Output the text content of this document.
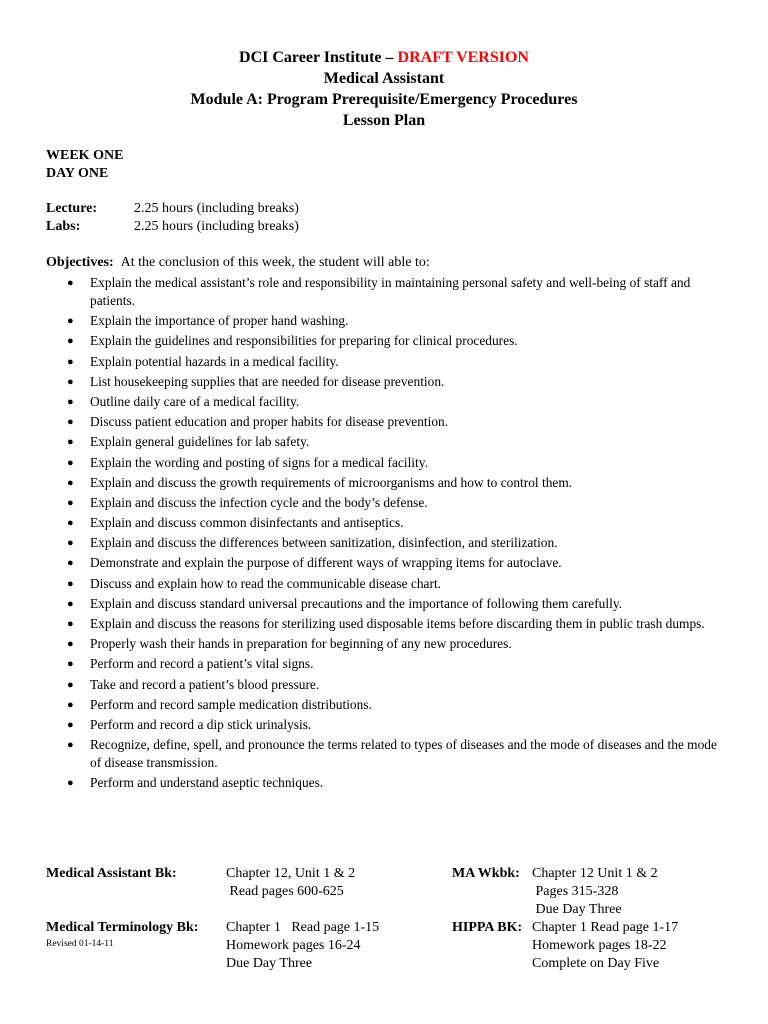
DCI Career Institute – DRAFT VERSION
Medical Assistant
Module A: Program Prerequisite/Emergency Procedures
Lesson Plan
WEEK ONE
DAY ONE
Lecture:	2.25 hours (including breaks)
Labs:	2.25 hours (including breaks)
Objectives: At the conclusion of this week, the student will able to:
● Explain the medical assistant’s role and responsibility in maintaining personal safety and well-being of staff and patients.
● Explain the importance of proper hand washing.
● Explain the guidelines and responsibilities for preparing for clinical procedures.
● Explain potential hazards in a medical facility.
● List housekeeping supplies that are needed for disease prevention.
● Outline daily care of a medical facility.
● Discuss patient education and proper habits for disease prevention.
● Explain general guidelines for lab safety.
● Explain the wording and posting of signs for a medical facility.
● Explain and discuss the growth requirements of microorganisms and how to control them.
● Explain and discuss the infection cycle and the body’s defense.
● Explain and discuss common disinfectants and antiseptics.
● Explain and discuss the differences between sanitization, disinfection, and sterilization.
● Demonstrate and explain the purpose of different ways of wrapping items for autoclave.
● Discuss and explain how to read the communicable disease chart.
● Explain and discuss standard universal precautions and the importance of following them carefully.
● Explain and discuss the reasons for sterilizing used disposable items before discarding them in public trash dumps.
● Properly wash their hands in preparation for beginning of any new procedures.
● Perform and record a patient’s vital signs.
● Take and record a patient’s blood pressure.
● Perform and record sample medication distributions.
● Perform and record a dip stick urinalysis.
● Recognize, define, spell, and pronounce the terms related to types of diseases and the mode of diseases and the mode of disease transmission.
● Perform and understand aseptic techniques.
Medical Assistant Bk:	Chapter 12, Unit 1 & 2
Read pages 600-625
MA Wkbk: Chapter 12 Unit 1 & 2
Pages 315-328
Due Day Three
Medical Terminology Bk: Chapter 1   Read page 1-15
Homework pages 16-24
Due Day Three
HIPPA BK: Chapter 1 Read page 1-17
Homework pages 18-22
Complete on Day Five
Revised 01-14-11
